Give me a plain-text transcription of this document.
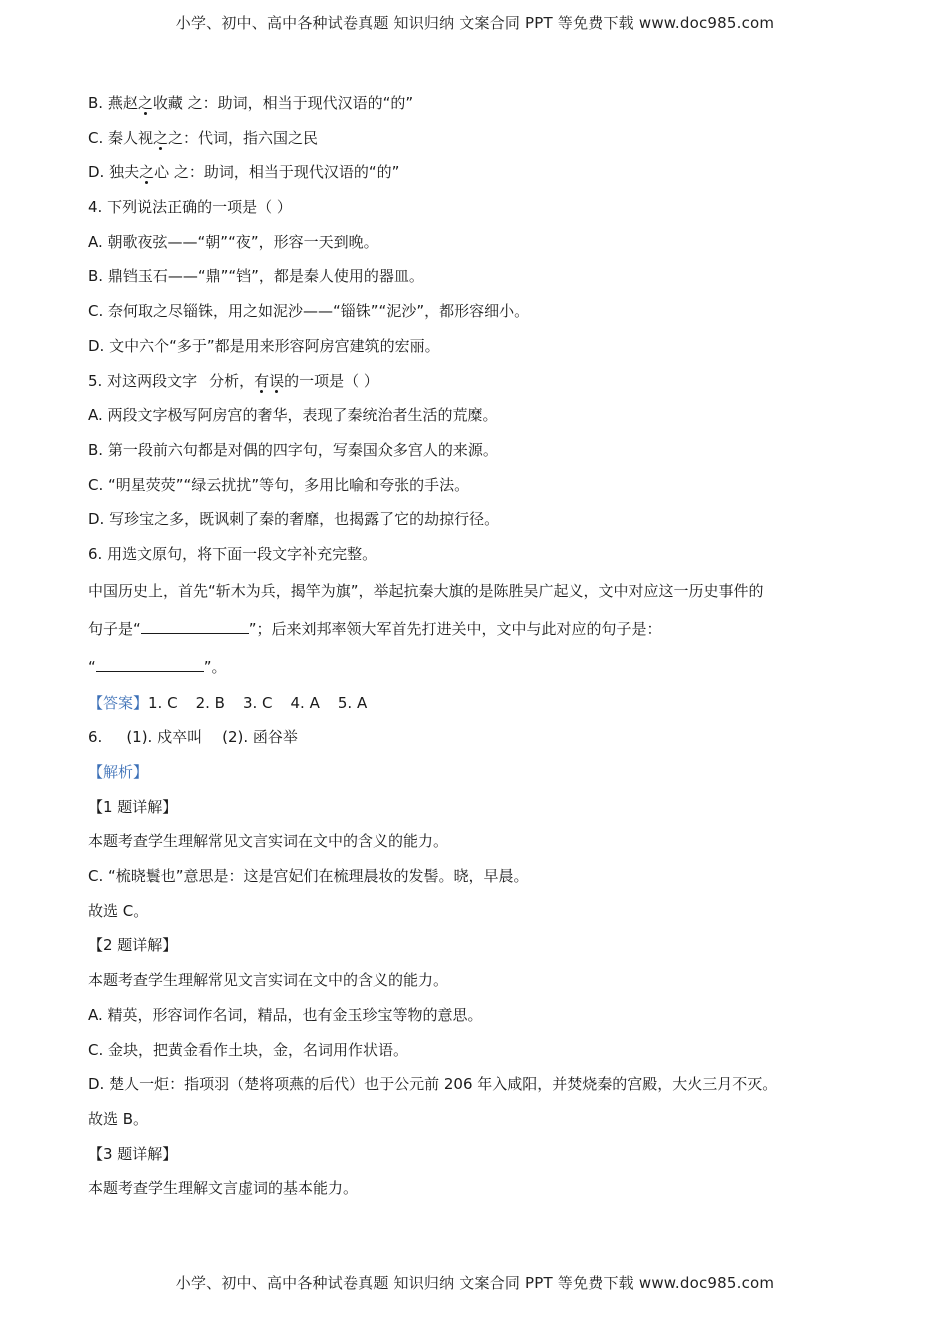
小学、初中、高中各种试卷真题 知识归纳 文案合同 PPT 等免费下载 www.doc985.com
B. 燕赵之收藏 之：助词，相当于现代汉语的“的”
C. 秦人视之之：代词，指六国之民
D. 独夫之心 之：助词，相当于现代汉语的“的”
4. 下列说法正确的一项是（ ）
A. 朝歌夜弦——“朝”“夜”，形容一天到晚。
B. 鼎铛玉石——“鼎”“铛”，都是秦人使用的器皿。
C. 奈何取之尽锱铢，用之如泥沙——“锱铢”“泥沙”，都形容细小。
D. 文中六个“多于”都是用来形容阿房宫建筑的宏丽。
5. 对这两段文字 分析，有误的一项是（ ）
A. 两段文字极写阿房宫的奢华，表现了秦统治者生活的荒糜。
B. 第一段前六句都是对偶的四字句，写秦国众多宫人的来源。
C. “明星荧荧”“绿云扰扰”等句，多用比喻和夸张的手法。
D. 写珍宝之多，既讽刺了秦的奢靡，也揭露了它的劫掠行径。
6. 用选文原句，将下面一段文字补充完整。
中国历史上，首先“斩木为兵，揭竿为旗”，举起抗秦大旗的是陈胜吴广起义，文中对应这一历史事件的
句子是“	”；后来刘邦率领大军首先打进关中，文中与此对应的句子是：
“	”。
【答案】1. C 2. B 3. C 4. A 5. A
6. (1). 戍卒叫 (2). 函谷举
【解析】
【1 题详解】
本题考查学生理解常见文言实词在文中的含义的能力。
C. “梳晓鬟也”意思是：这是宫妃们在梳理晨妆的发髻。晓，早晨。
故选 C。
【2 题详解】
本题考查学生理解常见文言实词在文中的含义的能力。
A. 精英，形容词作名词，精品，也有金玉珍宝等物的意思。
C. 金块，把黄金看作土块，金，名词用作状语。
D. 楚人一炬：指项羽（楚将项燕的后代）也于公元前 206 年入咸阳，并焚烧秦的宫殿，大火三月不灭。
故选 B。
【3 题详解】
本题考查学生理解文言虚词的基本能力。
小学、初中、高中各种试卷真题 知识归纳 文案合同 PPT 等免费下载 www.doc985.com
